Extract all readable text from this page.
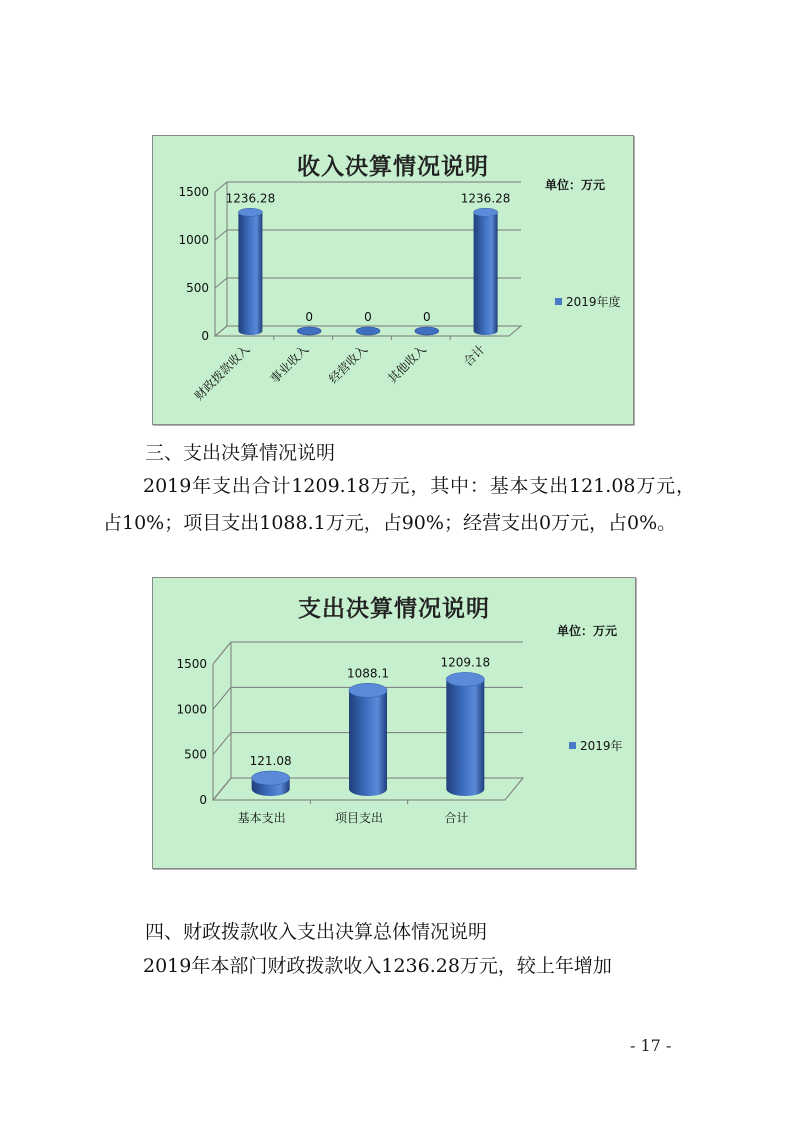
0
500
1000
1500 1236.28
财政拨款收入
0
事业收入
0
经营收入
0
其他收入
1236.28
合计
收入决算情况说明
单位：万元
2019年度
三、支出决算情况说明
2019年支出合计1209.18万元，其中：基本支出121.08万元，占10%；项目支出1088.1万元，占90%；经营支出0万元，占0%。
0
500
1000
1500
121.08
基本支出
1088.1
项目支出
1209.18
合计
支出决算情况说明
单位：万元
2019年
四、财政拨款收入支出决算总体情况说明
2019年本部门财政拨款收入1236.28万元，较上年增加
- 17 -
